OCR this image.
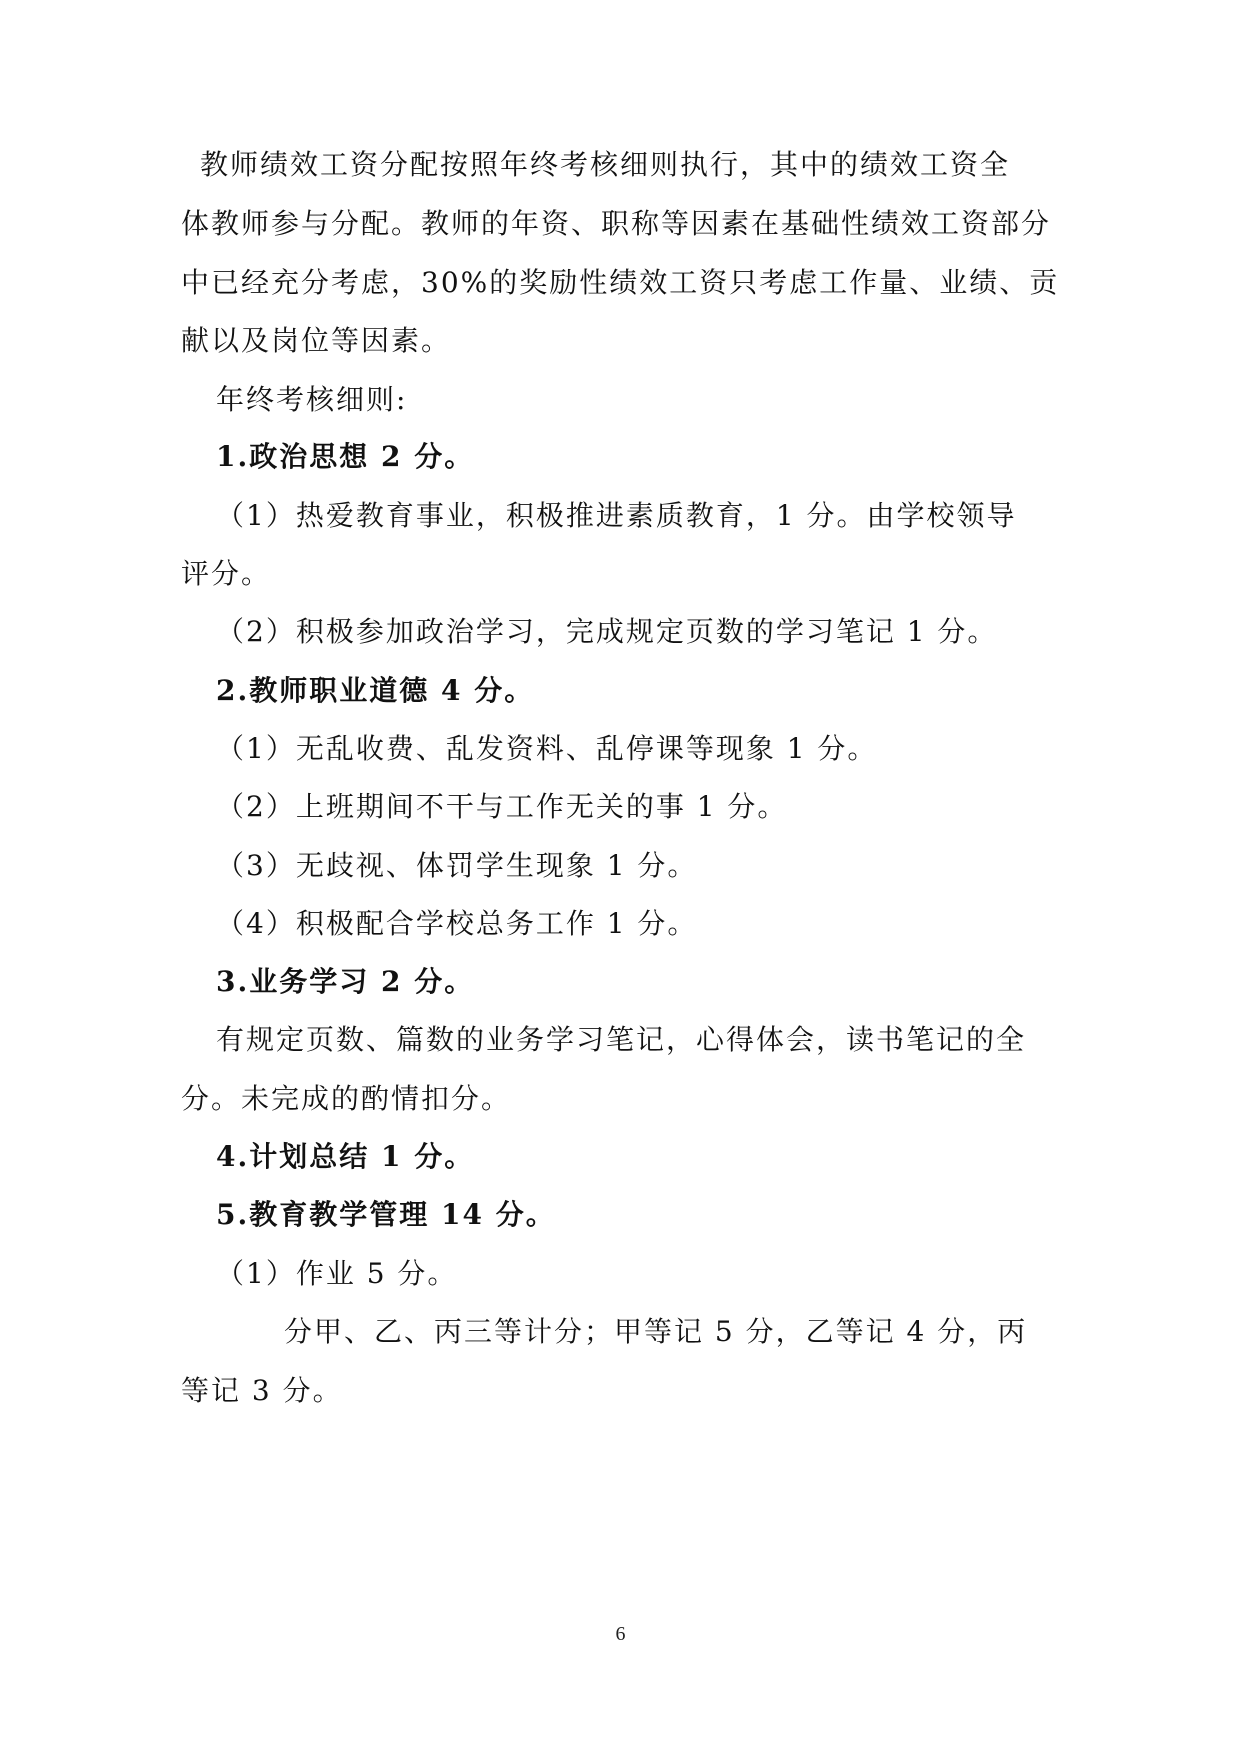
教师绩效工资分配按照年终考核细则执行，其中的绩效工资全
体教师参与分配。教师的年资、职称等因素在基础性绩效工资部分
中已经充分考虑，30%的奖励性绩效工资只考虑工作量、业绩、贡
献以及岗位等因素。
年终考核细则:
1.政治思想 2 分。
（1）热爱教育事业，积极推进素质教育，1 分。由学校领导
评分。
（2）积极参加政治学习，完成规定页数的学习笔记 1 分。
2.教师职业道德 4 分。
（1）无乱收费、乱发资料、乱停课等现象 1 分。
（2）上班期间不干与工作无关的事 1 分。
（3）无歧视、体罚学生现象 1 分。
（4）积极配合学校总务工作 1 分。
3.业务学习 2 分。
有规定页数、篇数的业务学习笔记，心得体会，读书笔记的全
分。未完成的酌情扣分。
4.计划总结 1 分。
5.教育教学管理 14 分。
（1）作业 5 分。
分甲、乙、丙三等计分；甲等记 5 分，乙等记 4 分，丙
等记 3 分。
6
